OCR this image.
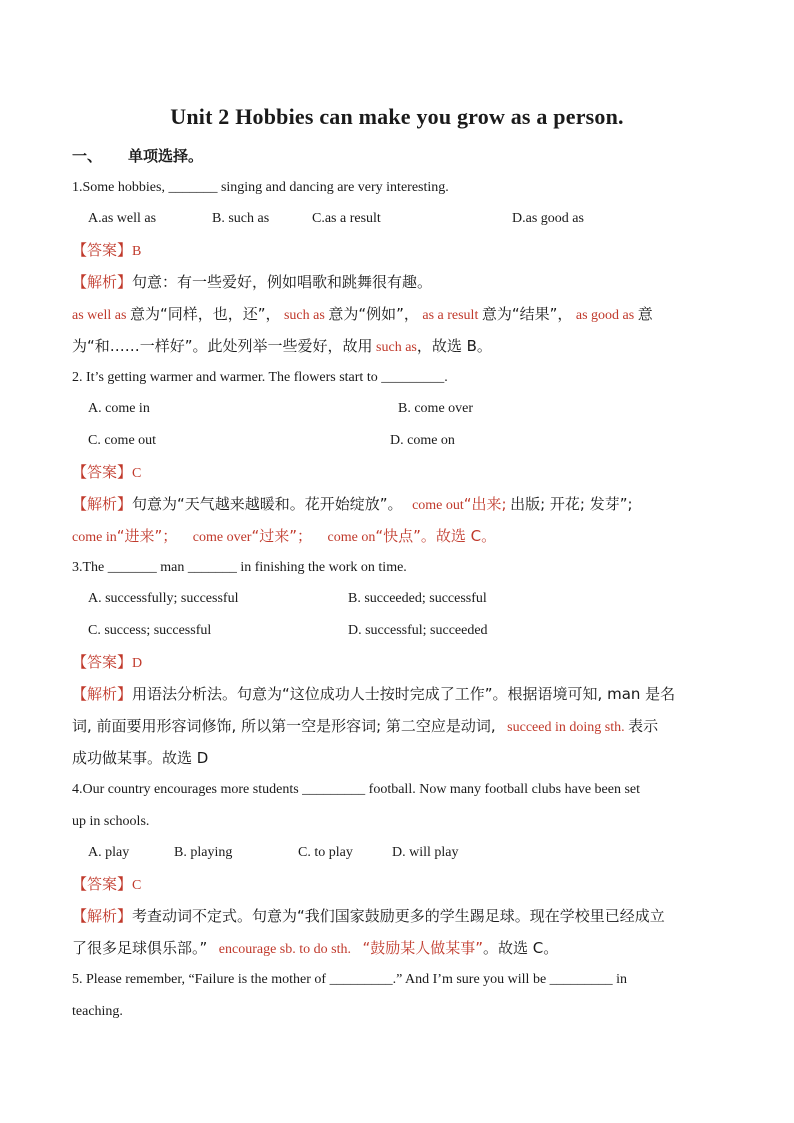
Unit 2 Hobbies can make you grow as a person.
一、 单项选择。
1.Some hobbies, _______ singing and dancing are very interesting.
A.as well as	B. such as	C.as a result	D.as good as
【答案】B
【解析】句意：有一些爱好，例如唱歌和跳舞很有趣。
as well as 意为“同样，也，还”， such as 意为“例如”， as a result 意为“结果”， as good as 意
为“和……一样好”。此处列举一些爱好，故用 such as，故选 B。
2. It’s getting warmer and warmer. The flowers start to _________.
A. come in	B. come over
C. come out	D. come on
【答案】C
【解析】句意为“天气越来越暖和。花开始绽放”。 come out“出来; 出版; 开花; 发芽”;
come in“进来”； come over“过来”； come on“快点”。故选 C。
3.The _______ man _______ in finishing the work on time.
A. successfully; successful	B. succeeded; successful
C. success; successful	D. successful; succeeded
【答案】D
【解析】用语法分析法。句意为“这位成功人士按时完成了工作”。根据语境可知, man 是名
词, 前面要用形容词修饰, 所以第一空是形容词; 第二空应是动词, succeed in doing sth. 表示
成功做某事。故选 D
4.Our country encourages more students _________ football. Now many football clubs have been set
up in schools.
A. play	B. playing	C. to play	D. will play
【答案】C
【解析】考查动词不定式。句意为“我们国家鼓励更多的学生踢足球。现在学校里已经成立
了很多足球俱乐部。” encourage sb. to do sth. “鼓励某人做某事”。故选 C。
5. Please remember, “Failure is the mother of _________.” And I’m sure you will be _________ in
teaching.
